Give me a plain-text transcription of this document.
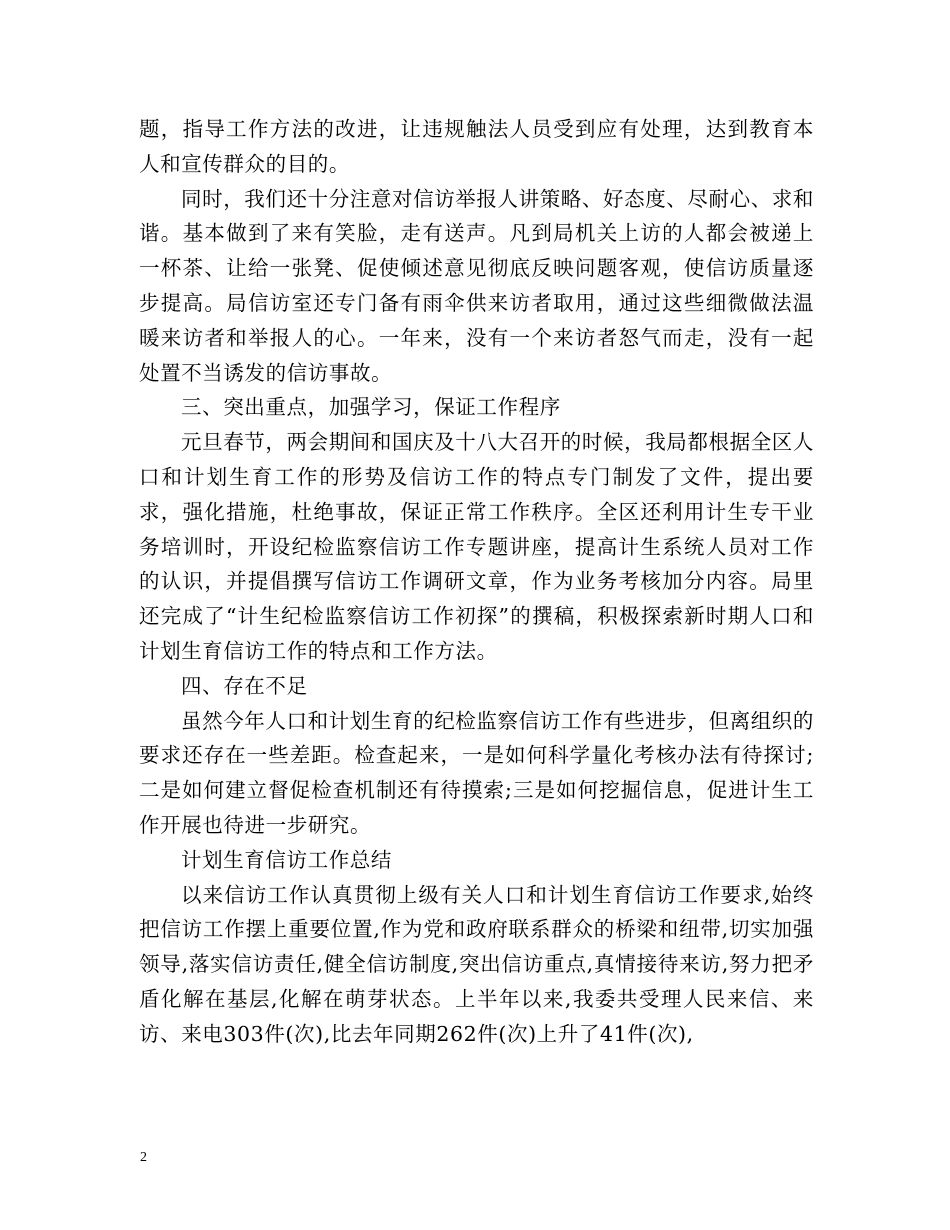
题，指导工作方法的改进，让违规触法人员受到应有处理，达到教育本人和宣传群众的目的。

同时，我们还十分注意对信访举报人讲策略、好态度、尽耐心、求和谐。基本做到了来有笑脸，走有送声。凡到局机关上访的人都会被递上一杯茶、让给一张凳、促使倾述意见彻底反映问题客观，使信访质量逐步提高。局信访室还专门备有雨伞供来访者取用，通过这些细微做法温暖来访者和举报人的心。一年来，没有一个来访者怒气而走，没有一起处置不当诱发的信访事故。

三、突出重点，加强学习，保证工作程序

元旦春节，两会期间和国庆及十八大召开的时候，我局都根据全区人口和计划生育工作的形势及信访工作的特点专门制发了文件，提出要求，强化措施，杜绝事故，保证正常工作秩序。全区还利用计生专干业务培训时，开设纪检监察信访工作专题讲座，提高计生系统人员对工作的认识，并提倡撰写信访工作调研文章，作为业务考核加分内容。局里还完成了“计生纪检监察信访工作初探”的撰稿，积极探索新时期人口和计划生育信访工作的特点和工作方法。

四、存在不足

虽然今年人口和计划生育的纪检监察信访工作有些进步，但离组织的要求还存在一些差距。检查起来，一是如何科学量化考核办法有待探讨;二是如何建立督促检查机制还有待摸索;三是如何挖掘信息，促进计生工作开展也待进一步研究。

计划生育信访工作总结

以来信访工作认真贯彻上级有关人口和计划生育信访工作要求,始终把信访工作摆上重要位置,作为党和政府联系群众的桥梁和纽带,切实加强领导,落实信访责任,健全信访制度,突出信访重点,真情接待来访,努力把矛盾化解在基层,化解在萌芽状态。上半年以来,我委共受理人民来信、来访、来电303件(次),比去年同期262件(次)上升了41件(次),

2
